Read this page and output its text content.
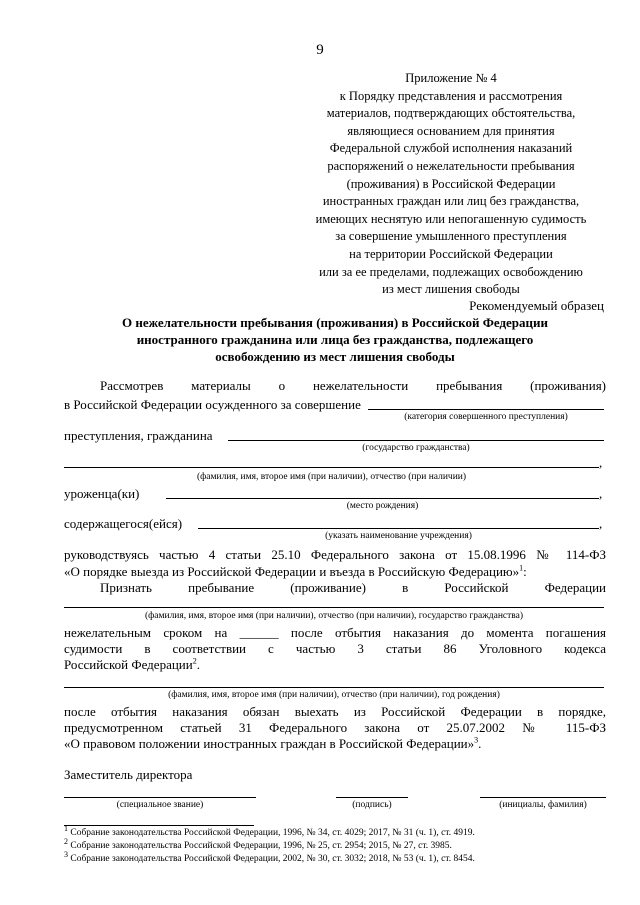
9
Приложение № 4
к Порядку представления и рассмотрения
материалов, подтверждающих обстоятельства,
являющиеся основанием для принятия
Федеральной службой исполнения наказаний
распоряжений о нежелательности пребывания
(проживания) в Российской Федерации
иностранных граждан или лиц без гражданства,
имеющих неснятую или непогашенную судимость
за совершение умышленного преступления
на территории Российской Федерации
или за ее пределами, подлежащих освобождению
из мест лишения свободы
Рекомендуемый образец
О нежелательности пребывания (проживания) в Российской Федерации
иностранного гражданина или лица без гражданства, подлежащего
освобождению из мест лишения свободы
Рассмотрев материалы о нежелательности пребывания (проживания)
в Российской Федерации осужденного за совершение
(категория совершенного преступления)
преступления, гражданина
(государство гражданства)
,
(фамилия, имя, второе имя (при наличии), отчество (при наличии)
уроженца(ки)	,
(место рождения)
содержащегося(ейся)	,
(указать наименование учреждения)
руководствуясь частью 4 статьи 25.10 Федерального закона от 15.08.1996 № 114-ФЗ
«О порядке выезда из Российской Федерации и въезда в Российскую Федерацию»$^1$:
Признать пребывание (проживание) в Российской Федерации
(фамилия, имя, второе имя (при наличии), отчество (при наличии), государство гражданства)
нежелательным сроком на ______ после отбытия наказания до момента погашения
судимости в соответствии с частью 3 статьи 86 Уголовного кодекса
Российской Федерации$^2$.
(фамилия, имя, второе имя (при наличии), отчество (при наличии), год рождения)
после отбытия наказания обязан выехать из Российской Федерации в порядке,
предусмотренном статьей 31 Федерального закона от 25.07.2002 № 115-ФЗ
«О правовом положении иностранных граждан в Российской Федерации»$^3$.
Заместитель директора
(специальное звание)	(подпись)	(инициалы, фамилия)
$^1$ Собрание законодательства Российской Федерации, 1996, № 34, ст. 4029; 2017, № 31 (ч. 1), ст. 4919.
$^2$ Собрание законодательства Российской Федерации, 1996, № 25, ст. 2954; 2015, № 27, ст. 3985.
$^3$ Собрание законодательства Российской Федерации, 2002, № 30, ст. 3032; 2018, № 53 (ч. 1), ст. 8454.
